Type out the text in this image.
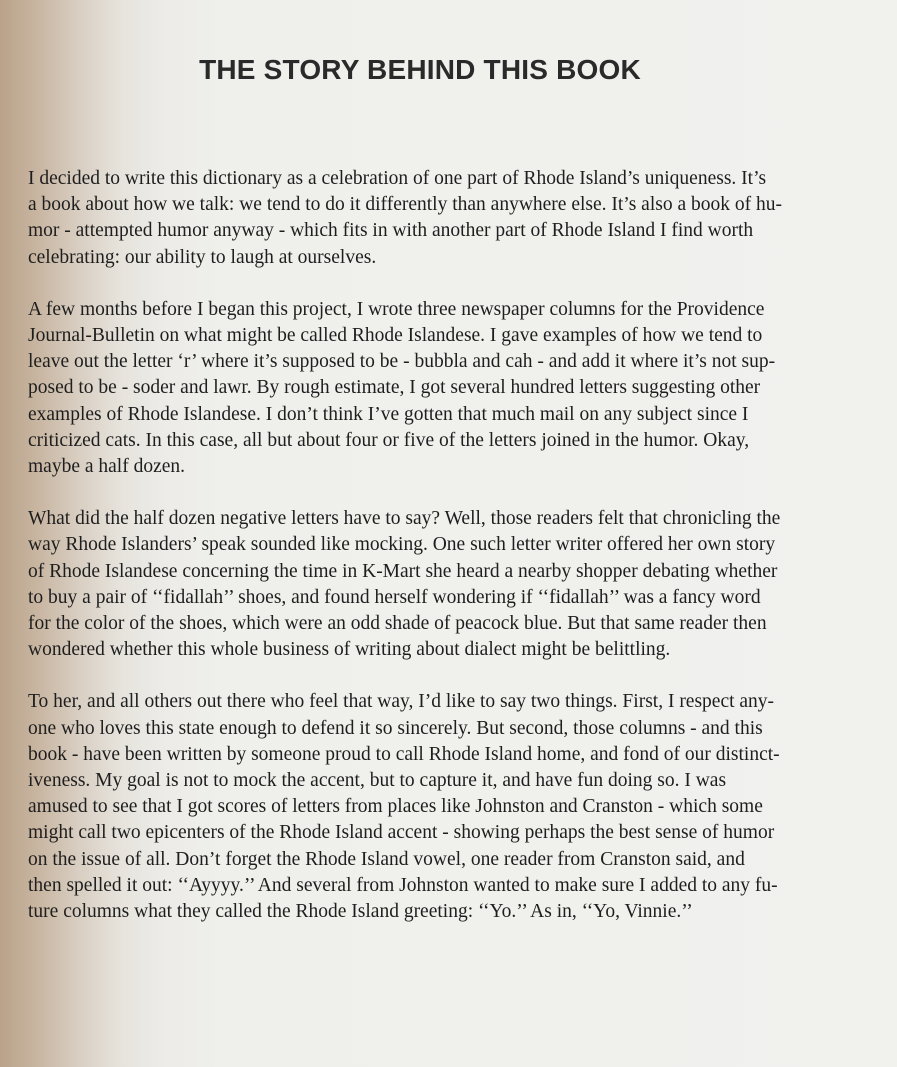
THE STORY BEHIND THIS BOOK

I decided to write this dictionary as a celebration of one part of Rhode Island’s uniqueness. It’s
a book about how we talk: we tend to do it differently than anywhere else. It’s also a book of hu-
mor - attempted humor anyway - which fits in with another part of Rhode Island I find worth
celebrating: our ability to laugh at ourselves.

A few months before I began this project, I wrote three newspaper columns for the Providence
Journal-Bulletin on what might be called Rhode Islandese. I gave examples of how we tend to
leave out the letter ‘r’ where it’s supposed to be - bubbla and cah - and add it where it’s not sup-
posed to be - soder and lawr. By rough estimate, I got several hundred letters suggesting other
examples of Rhode Islandese. I don’t think I’ve gotten that much mail on any subject since I
criticized cats. In this case, all but about four or five of the letters joined in the humor. Okay,
maybe a half dozen.

What did the half dozen negative letters have to say? Well, those readers felt that chronicling the
way Rhode Islanders’ speak sounded like mocking. One such letter writer offered her own story
of Rhode Islandese concerning the time in K-Mart she heard a nearby shopper debating whether
to buy a pair of ‘‘fidallah’’ shoes, and found herself wondering if ‘‘fidallah’’ was a fancy word
for the color of the shoes, which were an odd shade of peacock blue. But that same reader then
wondered whether this whole business of writing about dialect might be belittling.

To her, and all others out there who feel that way, I’d like to say two things. First, I respect any-
one who loves this state enough to defend it so sincerely. But second, those columns - and this
book - have been written by someone proud to call Rhode Island home, and fond of our distinct-
iveness. My goal is not to mock the accent, but to capture it, and have fun doing so. I was
amused to see that I got scores of letters from places like Johnston and Cranston - which some
might call two epicenters of the Rhode Island accent - showing perhaps the best sense of humor
on the issue of all. Don’t forget the Rhode Island vowel, one reader from Cranston said, and
then spelled it out: ‘‘Ayyyy.’’ And several from Johnston wanted to make sure I added to any fu-
ture columns what they called the Rhode Island greeting: ‘‘Yo.’’ As in, ‘‘Yo, Vinnie.’’
